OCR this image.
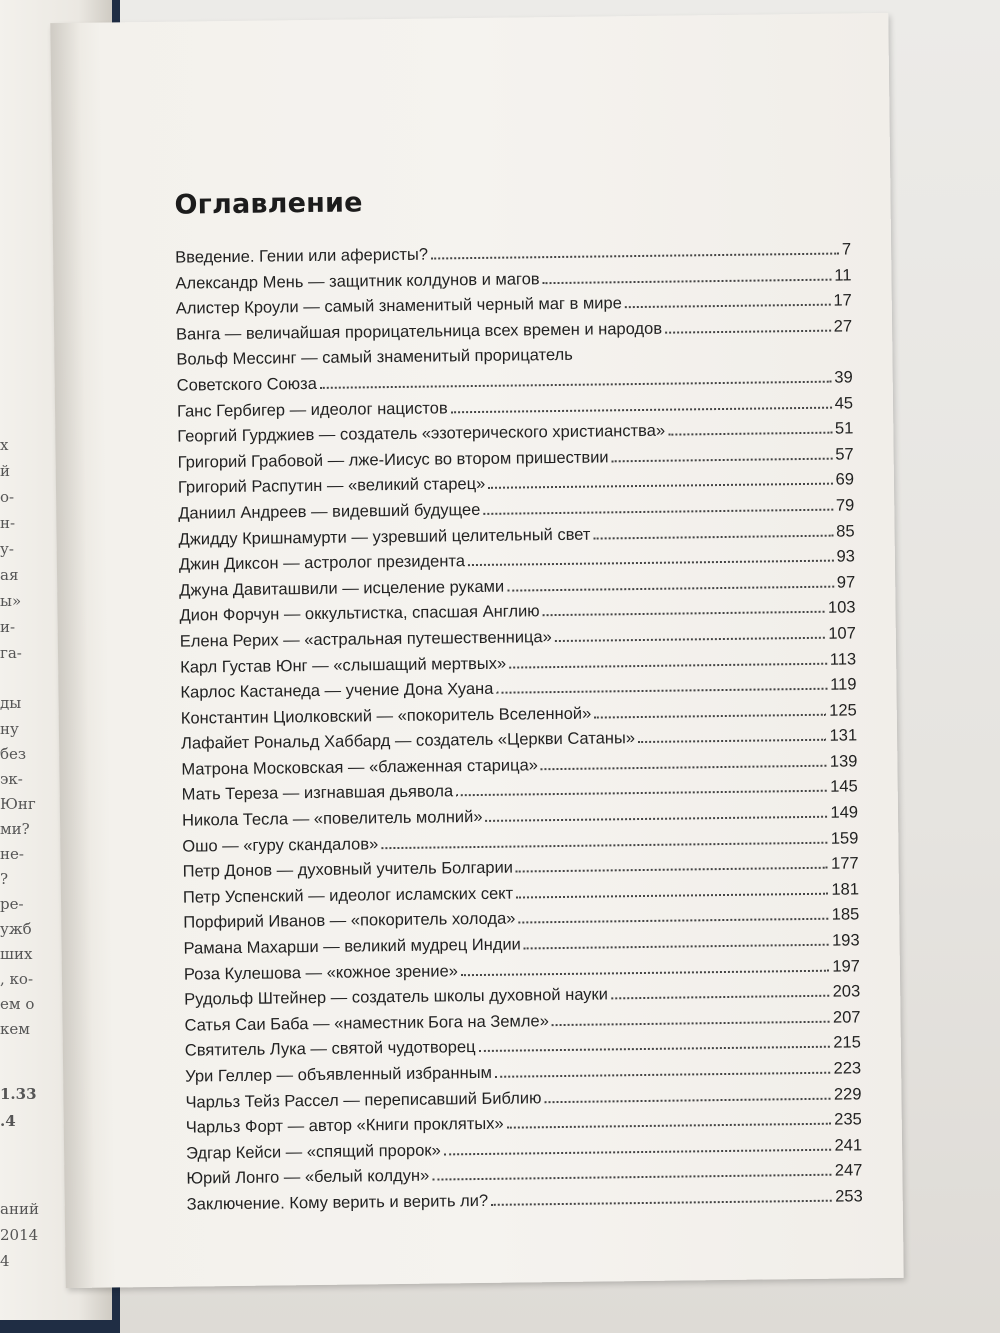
х
й
о-
н-
у-
ая
ы»
и-
га-
ды
ну
без
эк-
Юнг
ми?
не-
?
ре-
ужб
ших
, ко-
ем о
кем
1.33
.4
аний
2014
4
Оглавление
Введение. Гении или аферисты?	7
Александр Мень — защитник колдунов и магов	11
Алистер Кроули — самый знаменитый черный маг в мире	17
Ванга — величайшая прорицательница всех времен и народов	27
Вольф Мессинг — самый знаменитый прорицатель
Советского Союза	39
Ганс Гербигер — идеолог нацистов	45
Георгий Гурджиев — создатель «эзотерического христианства»	51
Григорий Грабовой — лже-Иисус во втором пришествии	57
Григорий Распутин — «великий старец»	69
Даниил Андреев — видевший будущее	79
Джидду Кришнамурти — узревший целительный свет	85
Джин Диксон — астролог президента	93
Джуна Давиташвили — исцеление руками	97
Дион Форчун — оккультистка, спасшая Англию	103
Елена Рерих — «астральная путешественница»	107
Карл Густав Юнг — «слышащий мертвых»	113
Карлос Кастанеда — учение Дона Хуана	119
Константин Циолковский — «покоритель Вселенной»	125
Лафайет Рональд Хаббард — создатель «Церкви Сатаны»	131
Матрона Московская — «блаженная старица»	139
Мать Тереза — изгнавшая дьявола	145
Никола Тесла — «повелитель молний»	149
Ошо — «гуру скандалов»	159
Петр Донов — духовный учитель Болгарии	177
Петр Успенский — идеолог исламских сект	181
Порфирий Иванов — «покоритель холода»	185
Рамана Махарши — великий мудрец Индии	193
Роза Кулешова — «кожное зрение»	197
Рудольф Штейнер — создатель школы духовной науки	203
Сатья Саи Баба — «наместник Бога на Земле»	207
Святитель Лука — святой чудотворец	215
Ури Геллер — объявленный избранным	223
Чарльз Тейз Рассел — переписавший Библию	229
Чарльз Форт — автор «Книги проклятых»	235
Эдгар Кейси — «спящий пророк»	241
Юрий Лонго — «белый колдун»	247
Заключение. Кому верить и верить ли?	253
